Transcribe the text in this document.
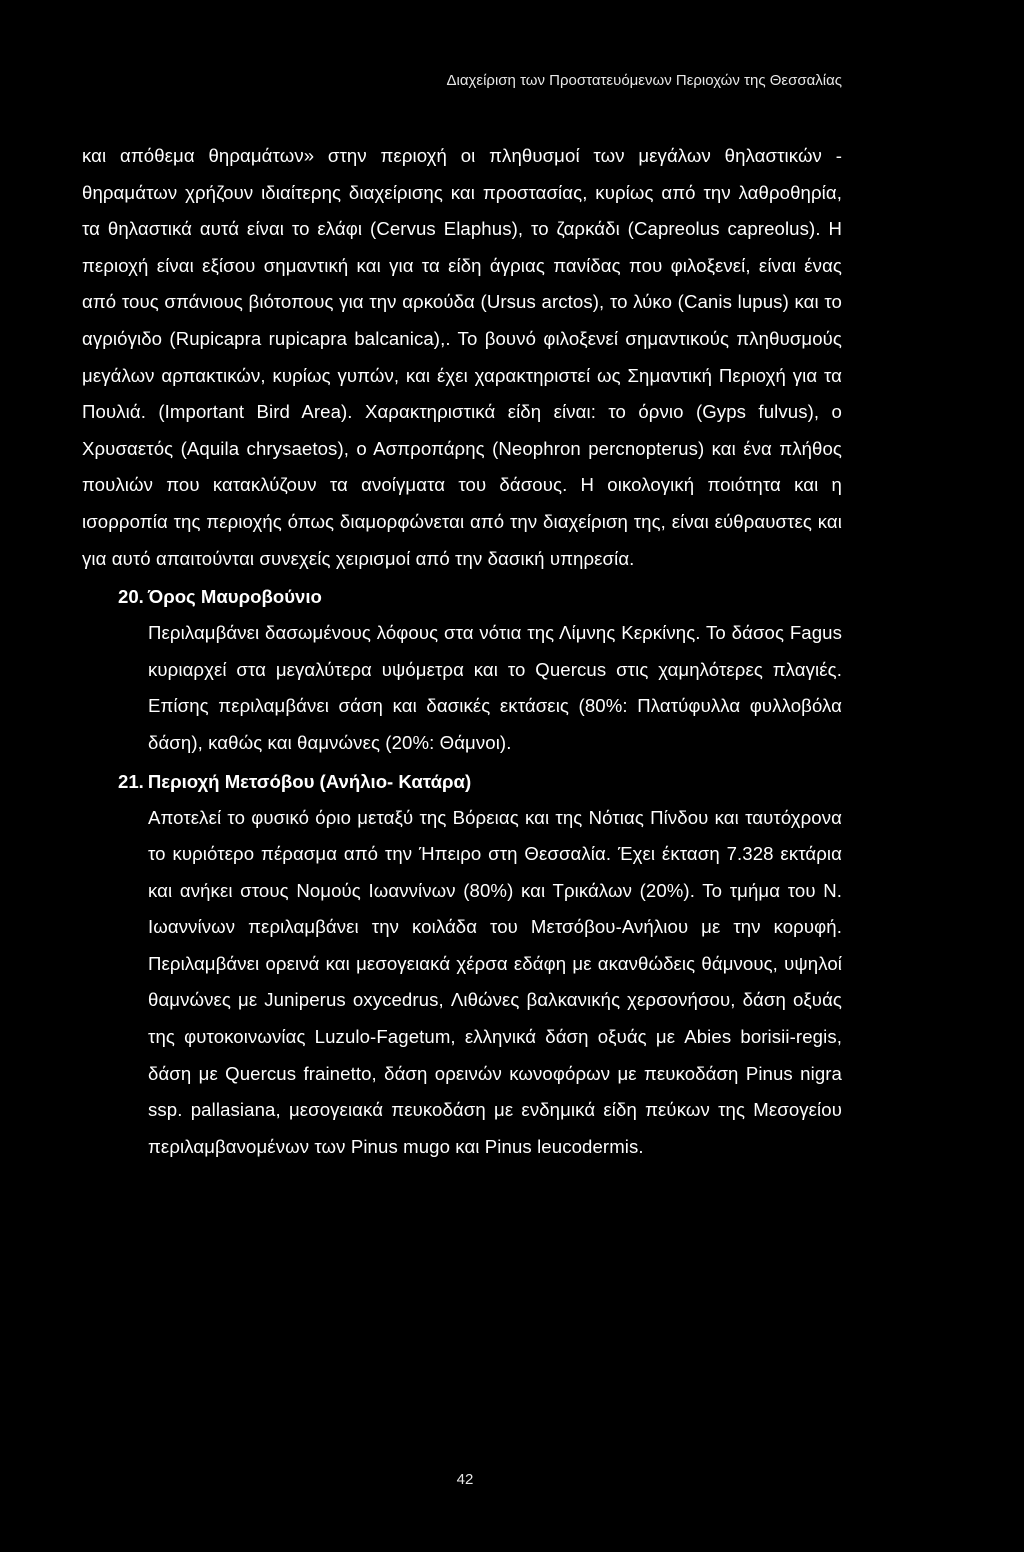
Διαχείριση των Προστατευόμενων Περιοχών της Θεσσαλίας

και απόθεμα θηραμάτων» στην περιοχή οι πληθυσμοί των μεγάλων θηλαστικών - θηραμάτων χρήζουν ιδιαίτερης διαχείρισης και προστασίας, κυρίως από την λαθροθηρία, τα θηλαστικά αυτά είναι το ελάφι (Cervus Elaphus), το ζαρκάδι (Capreolus capreolus). Η περιοχή είναι εξίσου σημαντική και για τα είδη άγριας πανίδας που φιλοξενεί, είναι ένας από τους σπάνιους βιότοπους για την αρκούδα (Ursus arctos), το λύκο (Canis lupus) και το αγριόγιδο (Rupicapra rupicapra balcanica),. Το βουνό φιλοξενεί σημαντικούς πληθυσμούς μεγάλων αρπακτικών, κυρίως γυπών, και έχει χαρακτηριστεί ως Σημαντική Περιοχή για τα Πουλιά. (Important Bird Area). Χαρακτηριστικά είδη είναι: το όρνιο (Gyps fulvus), ο Χρυσαετός (Aquila chrysaetos), ο Ασπροπάρης (Neophron percnopterus) και ένα πλήθος πουλιών που κατακλύζουν τα ανοίγματα του δάσους. Η οικολογική ποιότητα και η ισορροπία της περιοχής όπως διαμορφώνεται από την διαχείριση της, είναι εύθραυστες και για αυτό απαιτούνται συνεχείς χειρισμοί από την δασική υπηρεσία.

20. Όρος Μαυροβούνιο

Περιλαμβάνει δασωμένους λόφους στα νότια της Λίμνης Κερκίνης. Το δάσος Fagus κυριαρχεί στα μεγαλύτερα υψόμετρα και το Quercus στις χαμηλότερες πλαγιές. Επίσης περιλαμβάνει σάση και δασικές εκτάσεις (80%: Πλατύφυλλα φυλλοβόλα δάση), καθώς και θαμνώνες (20%: Θάμνοι).

21. Περιοχή Μετσόβου (Ανήλιο- Κατάρα)

Αποτελεί το φυσικό όριο μεταξύ της Βόρειας και της Νότιας Πίνδου και ταυτόχρονα το κυριότερο πέρασμα από την Ήπειρο στη Θεσσαλία. Έχει έκταση 7.328 εκτάρια και ανήκει στους Νομούς Ιωαννίνων (80%) και Τρικάλων (20%). Το τμήμα του Ν. Ιωαννίνων περιλαμβάνει την κοιλάδα του Μετσόβου-Ανήλιου με την κορυφή. Περιλαμβάνει ορεινά και μεσογειακά χέρσα εδάφη με ακανθώδεις θάμνους, υψηλοί θαμνώνες με Juniperus oxycedrus, Λιθώνες βαλκανικής χερσονήσου, δάση οξυάς της φυτοκοινωνίας Luzulo-Fagetum, ελληνικά δάση οξυάς με Abies borisii-regis, δάση με Quercus frainetto, δάση ορεινών κωνοφόρων με πευκοδάση Pinus nigra ssp. pallasiana, μεσογειακά πευκοδάση με ενδημικά είδη πεύκων της Μεσογείου περιλαμβανομένων των Pinus mugo και Pinus leucodermis.

42
